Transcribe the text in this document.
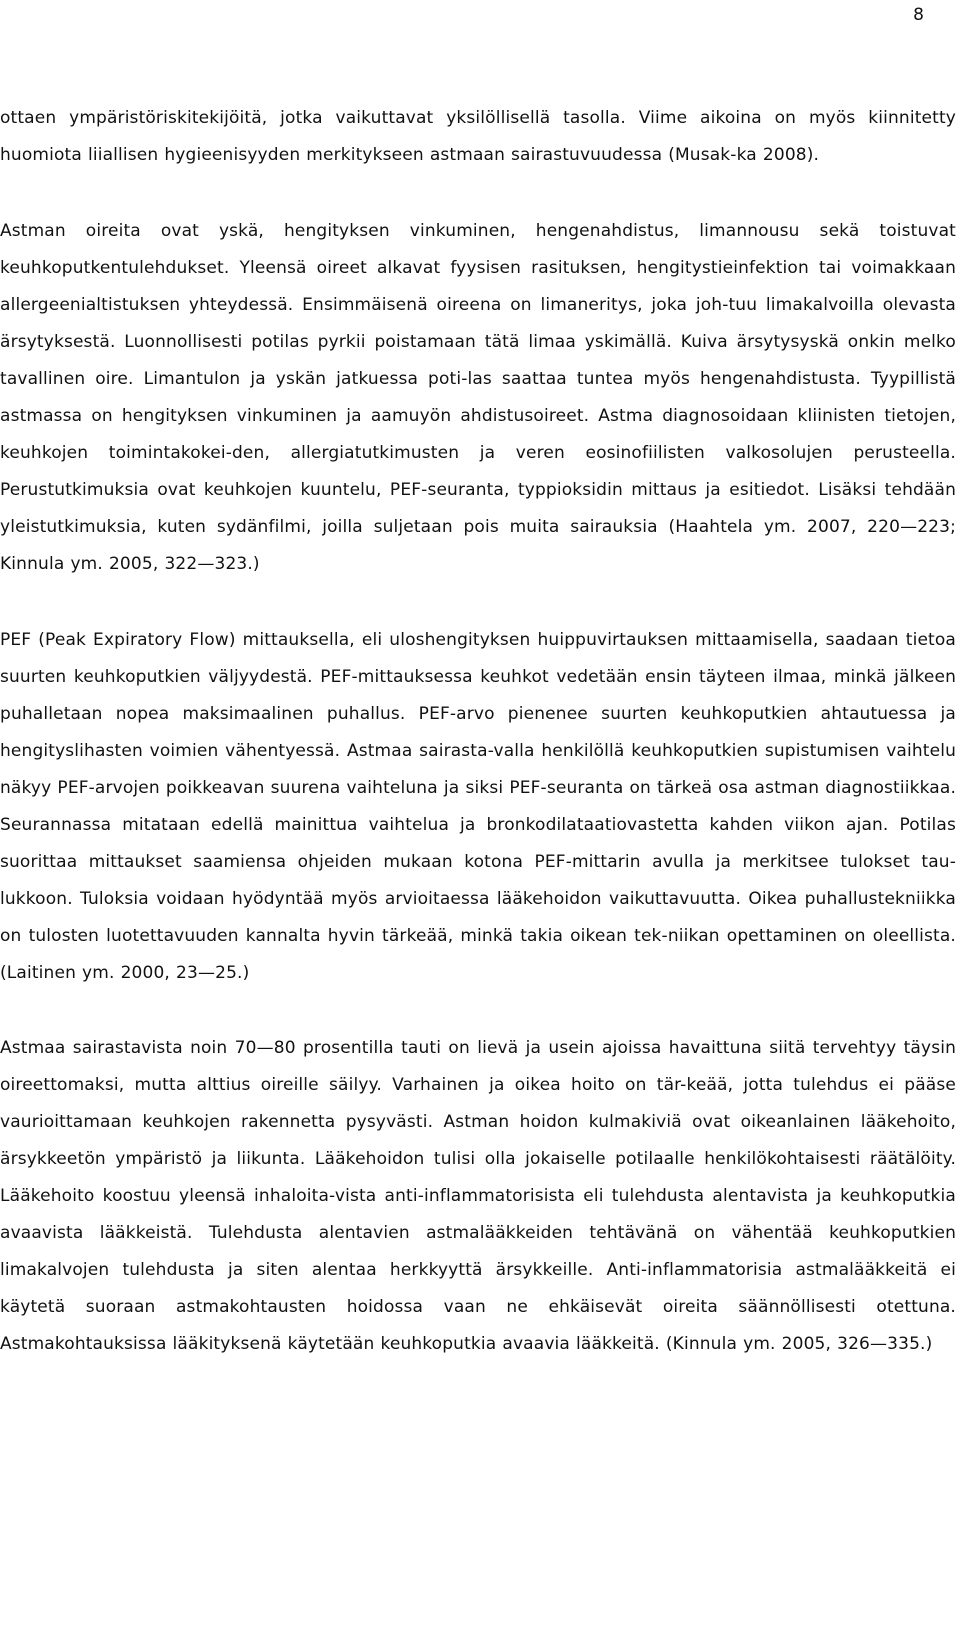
8

ottaen ympäristöriskitekijöitä, jotka vaikuttavat yksilöllisellä tasolla. Viime aikoina on myös kiinnitetty huomiota liiallisen hygieenisyyden merkitykseen astmaan sairastuvuudessa (Musak-ka 2008).

Astman oireita ovat yskä, hengityksen vinkuminen, hengenahdistus, limannousu sekä toistuvat keuhkoputkentulehdukset. Yleensä oireet alkavat fyysisen rasituksen, hengitystieinfektion tai voimakkaan allergeenialtistuksen yhteydessä. Ensimmäisenä oireena on limaneritys, joka joh-tuu limakalvoilla olevasta ärsytyksestä. Luonnollisesti potilas pyrkii poistamaan tätä limaa yskimällä. Kuiva ärsytysyskä onkin melko tavallinen oire. Limantulon ja yskän jatkuessa poti-las saattaa tuntea myös hengenahdistusta. Tyypillistä astmassa on hengityksen vinkuminen ja aamuyön ahdistusoireet. Astma diagnosoidaan kliinisten tietojen, keuhkojen toimintakokei-den, allergiatutkimusten ja veren eosinofiilisten valkosolujen perusteella. Perustutkimuksia ovat keuhkojen kuuntelu, PEF-seuranta, typpioksidin mittaus ja esitiedot. Lisäksi tehdään yleistutkimuksia, kuten sydänfilmi, joilla suljetaan pois muita sairauksia (Haahtela ym. 2007, 220—223; Kinnula ym. 2005, 322—323.)

PEF (Peak Expiratory Flow) mittauksella, eli uloshengityksen huippuvirtauksen mittaamisella, saadaan tietoa suurten keuhkoputkien väljyydestä. PEF-mittauksessa keuhkot vedetään ensin täyteen ilmaa, minkä jälkeen puhalletaan nopea maksimaalinen puhallus. PEF-arvo pienenee suurten keuhkoputkien ahtautuessa ja hengityslihasten voimien vähentyessä. Astmaa sairasta-valla henkilöllä keuhkoputkien supistumisen vaihtelu näkyy PEF-arvojen poikkeavan suurena vaihteluna ja siksi PEF-seuranta on tärkeä osa astman diagnostiikkaa. Seurannassa mitataan edellä mainittua vaihtelua ja bronkodilataatiovastetta kahden viikon ajan. Potilas suorittaa mittaukset saamiensa ohjeiden mukaan kotona PEF-mittarin avulla ja merkitsee tulokset tau-lukkoon. Tuloksia voidaan hyödyntää myös arvioitaessa lääkehoidon vaikuttavuutta. Oikea puhallustekniikka on tulosten luotettavuuden kannalta hyvin tärkeää, minkä takia oikean tek-niikan opettaminen on oleellista. (Laitinen ym. 2000, 23—25.)

Astmaa sairastavista noin 70—80 prosentilla tauti on lievä ja usein ajoissa havaittuna siitä tervehtyy täysin oireettomaksi, mutta alttius oireille säilyy. Varhainen ja oikea hoito on tär-keää, jotta tulehdus ei pääse vaurioittamaan keuhkojen rakennetta pysyvästi. Astman hoidon kulmakiviä ovat oikeanlainen lääkehoito, ärsykkeetön ympäristö ja liikunta. Lääkehoidon tulisi olla jokaiselle potilaalle henkilökohtaisesti räätälöity. Lääkehoito koostuu yleensä inhaloita-vista anti-inflammatorisista eli tulehdusta alentavista ja keuhkoputkia avaavista lääkkeistä. Tulehdusta alentavien astmalääkkeiden tehtävänä on vähentää keuhkoputkien limakalvojen tulehdusta ja siten alentaa herkkyyttä ärsykkeille. Anti-inflammatorisia astmalääkkeitä ei käytetä suoraan astmakohtausten hoidossa vaan ne ehkäisevät oireita säännöllisesti otettuna. Astmakohtauksissa lääkityksenä käytetään keuhkoputkia avaavia lääkkeitä. (Kinnula ym. 2005, 326—335.)
